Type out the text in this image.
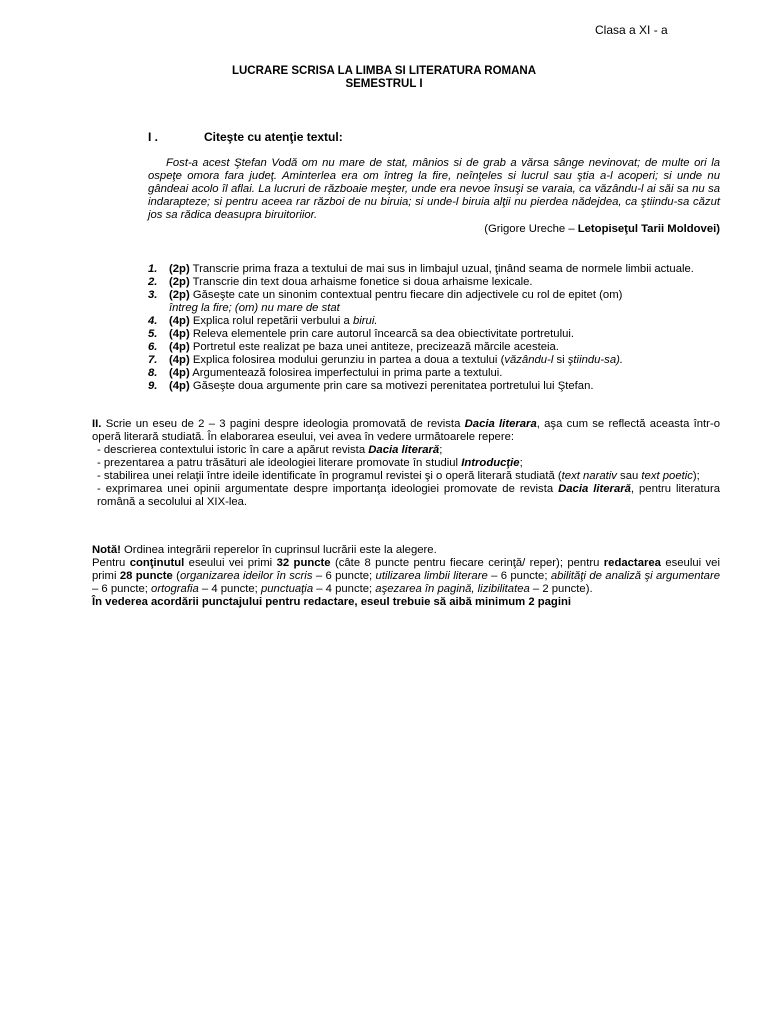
Clasa a XI - a
LUCRARE SCRISA LA LIMBA SI LITERATURA ROMANA
SEMESTRUL I
I .	Citeşte cu atenţie textul:
Fost-a acest Ştefan Vodă om nu mare de stat, mânios si de grab a vărsa sânge nevinovat; de multe ori la ospeţe omora fara judeţ. Aminterlea era om întreg la fire, neînţeles si lucrul sau ştia a-l acoperi; si unde nu gândeai acolo îl aflai. La lucruri de războaie meşter, unde era nevoe însuşi se varaia, ca văzându-l ai săi sa nu sa indarapteze; si pentru aceea rar război de nu biruia; si unde-l biruia alţii nu pierdea nădejdea, ca ştiindu-sa căzut jos sa rădica deasupra biruitoriior.
(Grigore Ureche – Letopiseţul Tarii Moldovei)
1. (2p) Transcrie prima fraza a textului de mai sus in limbajul uzual, ţinând seama de normele limbii actuale.
2. (2p) Transcrie din text doua arhaisme fonetice si doua arhaisme lexicale.
3. (2p) Găseşte cate un sinonim contextual pentru fiecare din adjectivele cu rol de epitet (om)
întreg la fire; (om) nu mare de stat
4. (4p) Explica rolul repetării verbului a birui.
5. (4p) Releva elementele prin care autorul încearcă sa dea obiectivitate portretului.
6. (4p) Portretul este realizat pe baza unei antiteze, precizează mărcile acesteia.
7. (4p) Explica folosirea modului gerunziu in partea a doua a textului (văzându-l si ştiindu-sa).
8. (4p) Argumentează folosirea imperfectului in prima parte a textului.
9. (4p) Găseşte doua argumente prin care sa motivezi perenitatea portretului lui Ştefan.

II. Scrie un eseu de 2 – 3 pagini despre ideologia promovată de revista Dacia literara, aşa cum se reflectă aceasta într-o operă literară studiată. În elaborarea eseului, vei avea în vedere următoarele repere:

- descrierea contextului istoric în care a apărut revista Dacia literară;

- prezentarea a patru trăsături ale ideologiei literare promovate în studiul Introducţie;

- stabilirea unei relaţii între ideile identificate în programul revistei şi o operă literară studiată (text narativ sau text poetic);

- exprimarea unei opinii argumentate despre importanţa ideologiei promovate de revista Dacia literară, pentru literatura română a secolului al XIX-lea.

Notă! Ordinea integrării reperelor în cuprinsul lucrării este la alegere.

Pentru conţinutul eseului vei primi 32 puncte (câte 8 puncte pentru fiecare cerinţă/ reper); pentru redactarea eseului vei primi 28 puncte (organizarea ideilor în scris – 6 puncte; utilizarea limbii literare – 6 puncte; abilităţi de analiză şi argumentare – 6 puncte; ortografia – 4 puncte; punctuaţia – 4 puncte; aşezarea în pagină, lizibilitatea – 2 puncte).

În vederea acordării punctajului pentru redactare, eseul trebuie să aibă minimum 2 pagini
